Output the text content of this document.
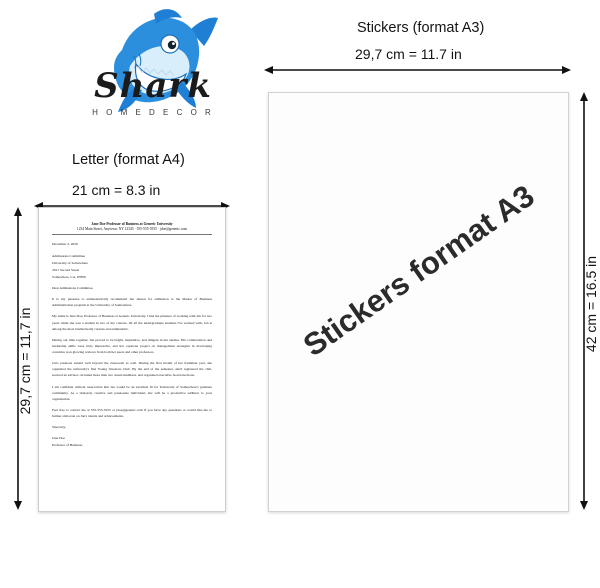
Shark
H O M E D E C O R
Letter (format A4)
21 cm = 8.3 in
29,7 cm = 11,7 in
Jane Doe Professor of Business at Generic University
1234 Main Street, Anytown, NY 12345 · 555-555-5555 · jdoe@generic.com

December 2, 2020

Admissions Committee

University of Somewhere

4321 Second Street

Somewhere, CA, 67890

Dear Admissions Committee,

It is my pleasure to enthusiastically recommend Jan Janson for admission to the Master of Business Administration program at the University of Somewhere.

My name is Jane Doe, Professor of Business at Generic University. I had the pleasure of working with Jan for two years while she was a student in two of my courses. Of all the undergraduate students I've worked with, Jan is among the most intellectually curious and enthusiastic.

During our time together, Jan proved to be bright, inquisitive, and diligent in her studies. Her collaboration and leadership skills were truly impressive, and her capstone project on management strategies in developing countries won glowing reviews from both her peers and other professors.

Jan's passions extend well beyond the classroom as well. During the first month of her freshman year, she organized the university's first Young Investors Club. By the end of the semester, she'd registered the club, secured an advisor, recruited more than two dozen members, and organized executive board elections.

I am confident without reservation that Jan would be an excellent fit for University of Somewhere's graduate community. As a tirelessly creative and passionate individual, she will be a productive addition to your organization.

Feel free to contact me at 555-555-5555 or jdoe@generic.com if you have any questions or would like me to further elaborate on Jan's talents and achievements.

Sincerely,

Jane Doe

Professor of Business

Stickers (format A3)
29,7 cm = 11.7 in
42 cm = 16.5 in
Stickers format A3
